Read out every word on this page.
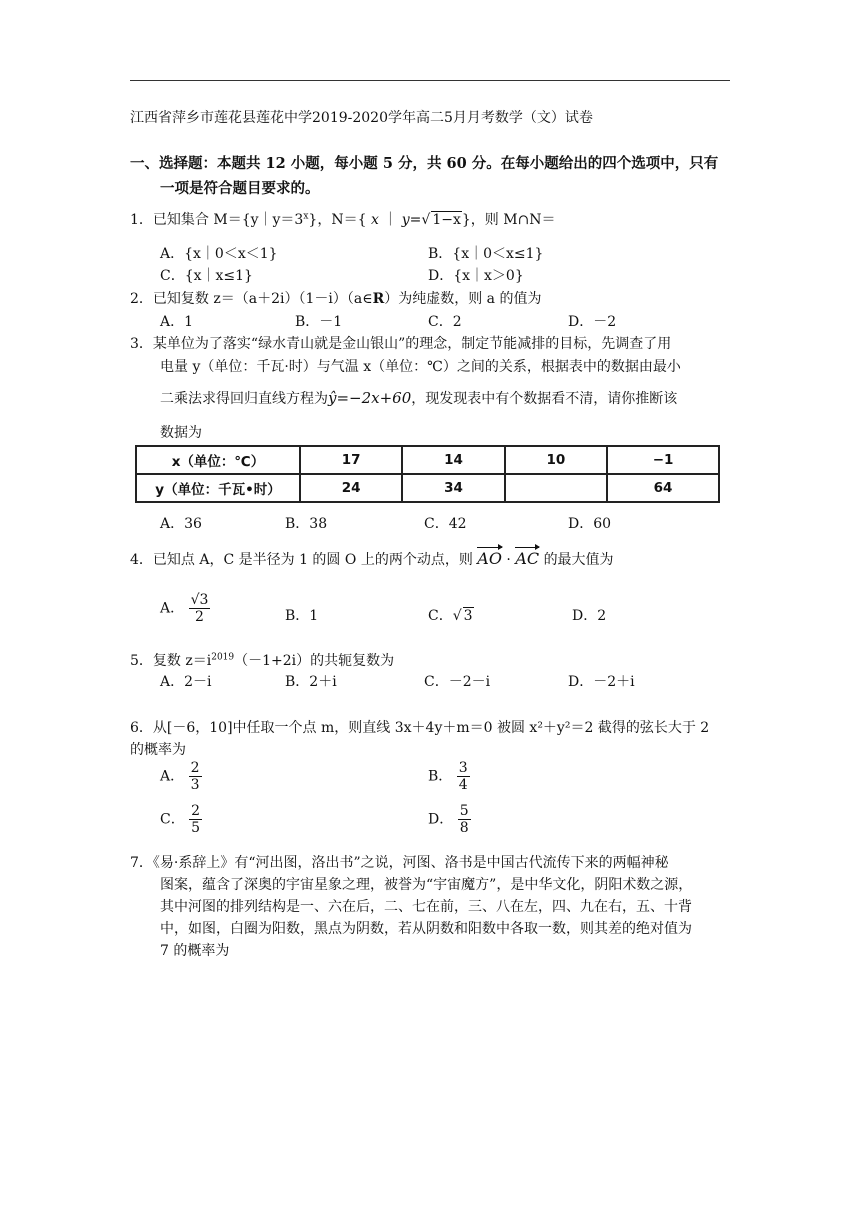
江西省萍乡市莲花县莲花中学2019-2020学年高二5月月考数学（文）试卷
一、选择题：本题共 12 小题，每小题 5 分，共 60 分。在每小题给出的四个选项中，只有
一项是符合题目要求的。
1．已知集合 $M=\{y|y=3^x\}$，N＝{ x ｜ y=√ 1−x}，则 M∩N＝
A．{x｜0＜x＜1}	B．{x｜0＜x≤1}
C．{x｜x≤1}	D．{x｜x＞0}
2．已知复数 z＝（a＋2i）（1－i）（a∈R）为纯虚数，则 a 的值为
A．1	B．－1	C．2	D．－2
3．某单位为了落实“绿水青山就是金山银山”的理念，制定节能减排的目标，先调查了用
电量 y（单位：千瓦·时）与气温 x（单位：℃）之间的关系，根据表中的数据由最小
二乘法求得回归直线方程为ŷ=−2x+60，现发现表中有个数据看不清，请你推断该
数据为
x（单位：℃）	17	14	10	−1
y（单位：千瓦•时）	24	34		64
A．36	B．38	C．42	D．60
4．已知点 A，C 是半径为 1 的圆 O 上的两个动点，则 AO · AC 的最大值为
A． $\frac{√3}{2}$	B．1	C．√ 3	D．2
5．复数 $z=i^{2019}(-1+2i)$的共轭复数为
A．2－i	B．2＋i	C．－2－i	D．－2＋i
6．从[－6，10]中任取一个点 m，则直线 3x＋4y＋m＝0 被圆 x²＋y²＝2 截得的弦长大于 2
的概率为
A． $\frac{2}{3}$	B． $\frac{3}{4}$
C． $\frac{2}{5}$	D． $\frac{5}{8}$
7．《易·系辞上》有“河出图，洛出书”之说，河图、洛书是中国古代流传下来的两幅神秘
图案，蕴含了深奥的宇宙星象之理，被誉为“宇宙魔方”，是中华文化，阴阳术数之源，
其中河图的排列结构是一、六在后，二、七在前，三、八在左，四、九在右，五、十背
中，如图，白圈为阳数，黑点为阴数，若从阴数和阳数中各取一数，则其差的绝对值为
7 的概率为
